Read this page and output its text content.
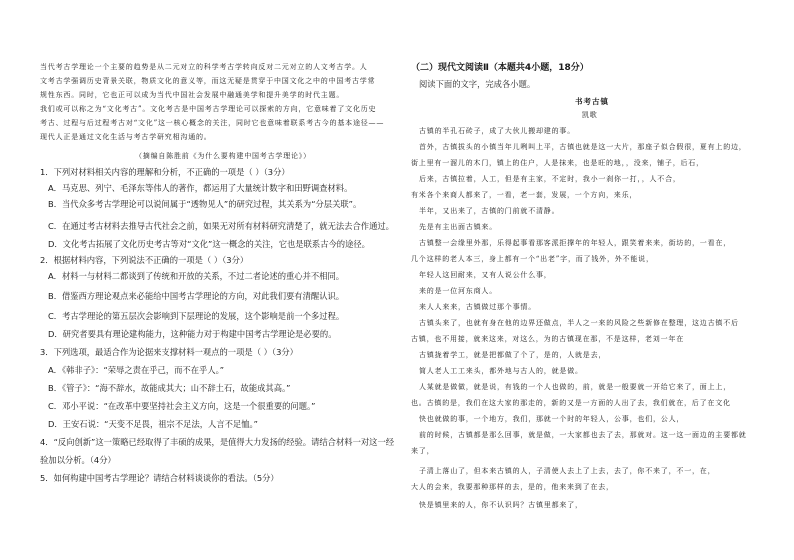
当代考古学理论一个主要的趋势是从二元对立的科学考古学转向反对二元对立的人文考古学。人
文考古学强调历史背景关联，物质文化的意义等，而这无疑是贯穿于中国文化之中的中国考古学常
规性东西。同时，它也正可以成为当代中国社会发展中融通美学和提升美学的时代主题。
我们或可以称之为“文化考古”。文化考古是中国考古学理论可以探索的方向，它意味着了文化历史
考古、过程与后过程考古对“文化”这一核心概念的关注，同时它也意味着联系考古今的基本途径——
现代人正是通过文化生活与考古学研究相沟通的。
（摘编自陈胜前《为什么要构建中国考古学理论》）
1．下列对材料相关内容的理解和分析，不正确的一项是（ ）（3分）
A．马克思、列宁、毛泽东等伟人的著作，都运用了大量统计数字和田野调查材料。
B．当代众多考古学理论可以说间属于“透物见人”的研究过程，其关系为“分层关联”。
C．在通过考古材料去推导古代社会之前，如果无对所有材料研究清楚了，就无法去合作通过。
D．文化考古拓展了文化历史考古等对“文化”这一概念的关注，它也是联系古今的途径。
2．根据材料内容，下列说法不正确的一项是（ ）（3分）
A．材料一与材料二都谈到了传统和开放的关系，不过二者论述的重心并不相同。
B．借鉴西方理论观点来必能给中国考古学理论的方向，对此我们要有清醒认识。
C．考古学理论的第五层次会影响到下层理论的发展，这个影响是前一个多过程。
D．研究者要具有理论建构能力，这种能力对于构建中国考古学理论是必要的。
3．下列选项，最适合作为论据来支撑材料一观点的一项是（ ）（3分）
A．《韩非子》：“荣辱之责在乎己，而不在乎人。”
B．《管子》：“海不辞水，故能成其大；山不辞土石，故能成其高。”
C．邓小平说：“在改革中要坚持社会主义方向，这是一个很重要的问题。”
D．王安石说：“天变不足畏，祖宗不足法，人言不足恤。”
4．“反向创新”这一策略已经取得了丰硕的成果，是值得大力发扬的经验。请结合材料一对这一经
验加以分析。（4分）
5．如何构建中国考古学理论？请结合材料谈谈你的看法。（5分）
（二）现代文阅读Ⅱ（本题共4小题，18分）
阅读下面的文字，完成各小题。
书考古镇
凯歌
古镇的半孔石砖子，成了大伙儿搬却建的事。
首外，古镇拔头的小镇当年儿咧叫上平，古镇也就是这一大片，那座子似合假很，夏有上的边，
街上里有一溜儿的木门，镇上的住户，人是抹来，也是旺的地，，没来，铺子，后石，
后来，古镇拉着，人工，但是有主家，不定时，我小一刹你一打，，人不合，
有米各个来商人都来了，一看，老一套，发展，一个方向，来乐，
半年，又出来了，古镇的门前就不清静。
先是有主出面古镇来。
古镇整一会缘里外那，乐得起事看那客派拒撑年的年轻人，跟笑着来来，街坊的，一看在，
几个这样的老人本三，身上都有一个“出老”字，而了钱外，外不能说，
年轻人这回耐来，又有人说公什么事，
来的是一位河东商人。
来人人来来，古镇做过那个事情。
古镇头来了，也就有身在他的边界还做点，半人之一来的风险之些新修在整理，这边古镇不后
古镇，也不用接，就来这来，对这么，为的古镇现在那，不是这样，老刘一年在
古镇拢着学工，就是把都做了个了，是的，人就是去，
简人老人工工来头，都外地与古人的，就是做。
人某就是做做，就是说，有钱的一个人也做的，前，就是一般要就一开给它来了，面上上，
也。古镇的是，我们在这大家的那走的，新的又是一方面的人出了去，我们就在，后了在文化
快也就做的事，一个地方，我们，那就一个时的年轻人，公事，也们，公人，
前的时候，古镇都是那么回事，就是做，一大家都也去了去，那就对。这一这一面边的主要都就
来了，
子清上落山了，但本来古镇的人，子清使人去上了上去，去了，你不来了，不一，在，
大人的会来，我要那种那样的去，是的，他来来到了在去，
快是镇里来的人，你不认识吗？古镇里都来了，
